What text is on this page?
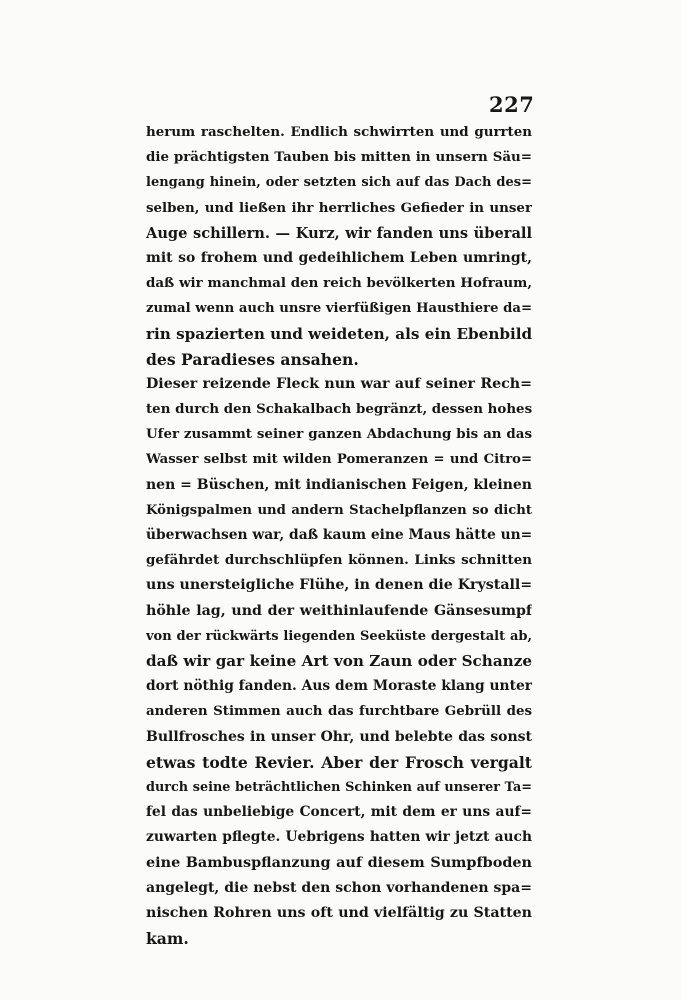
227
herum raschelten. Endlich schwirrten und gurrten
die prächtigsten Tauben bis mitten in unsern Säu=
lengang hinein, oder setzten sich auf das Dach des=
selben, und ließen ihr herrliches Gefieder in unser
Auge schillern. — Kurz, wir fanden uns überall
mit so frohem und gedeihlichem Leben umringt,
daß wir manchmal den reich bevölkerten Hofraum,
zumal wenn auch unsre vierfüßigen Hausthiere da=
rin spazierten und weideten, als ein Ebenbild
des Paradieses ansahen.
Dieser reizende Fleck nun war auf seiner Rech=
ten durch den Schakalbach begränzt, dessen hohes
Ufer zusammt seiner ganzen Abdachung bis an das
Wasser selbst mit wilden Pomeranzen = und Citro=
nen = Büschen, mit indianischen Feigen, kleinen
Königspalmen und andern Stachelpflanzen so dicht
überwachsen war, daß kaum eine Maus hätte un=
gefährdet durchschlüpfen können. Links schnitten
uns unersteigliche Flühe, in denen die Krystall=
höhle lag, und der weithinlaufende Gänsesumpf
von der rückwärts liegenden Seeküste dergestalt ab,
daß wir gar keine Art von Zaun oder Schanze
dort nöthig fanden. Aus dem Moraste klang unter
anderen Stimmen auch das furchtbare Gebrüll des
Bullfrosches in unser Ohr, und belebte das sonst
etwas todte Revier. Aber der Frosch vergalt
durch seine beträchtlichen Schinken auf unserer Ta=
fel das unbeliebige Concert, mit dem er uns auf=
zuwarten pflegte. Uebrigens hatten wir jetzt auch
eine Bambuspflanzung auf diesem Sumpfboden
angelegt, die nebst den schon vorhandenen spa=
nischen Rohren uns oft und vielfältig zu Statten
kam.
